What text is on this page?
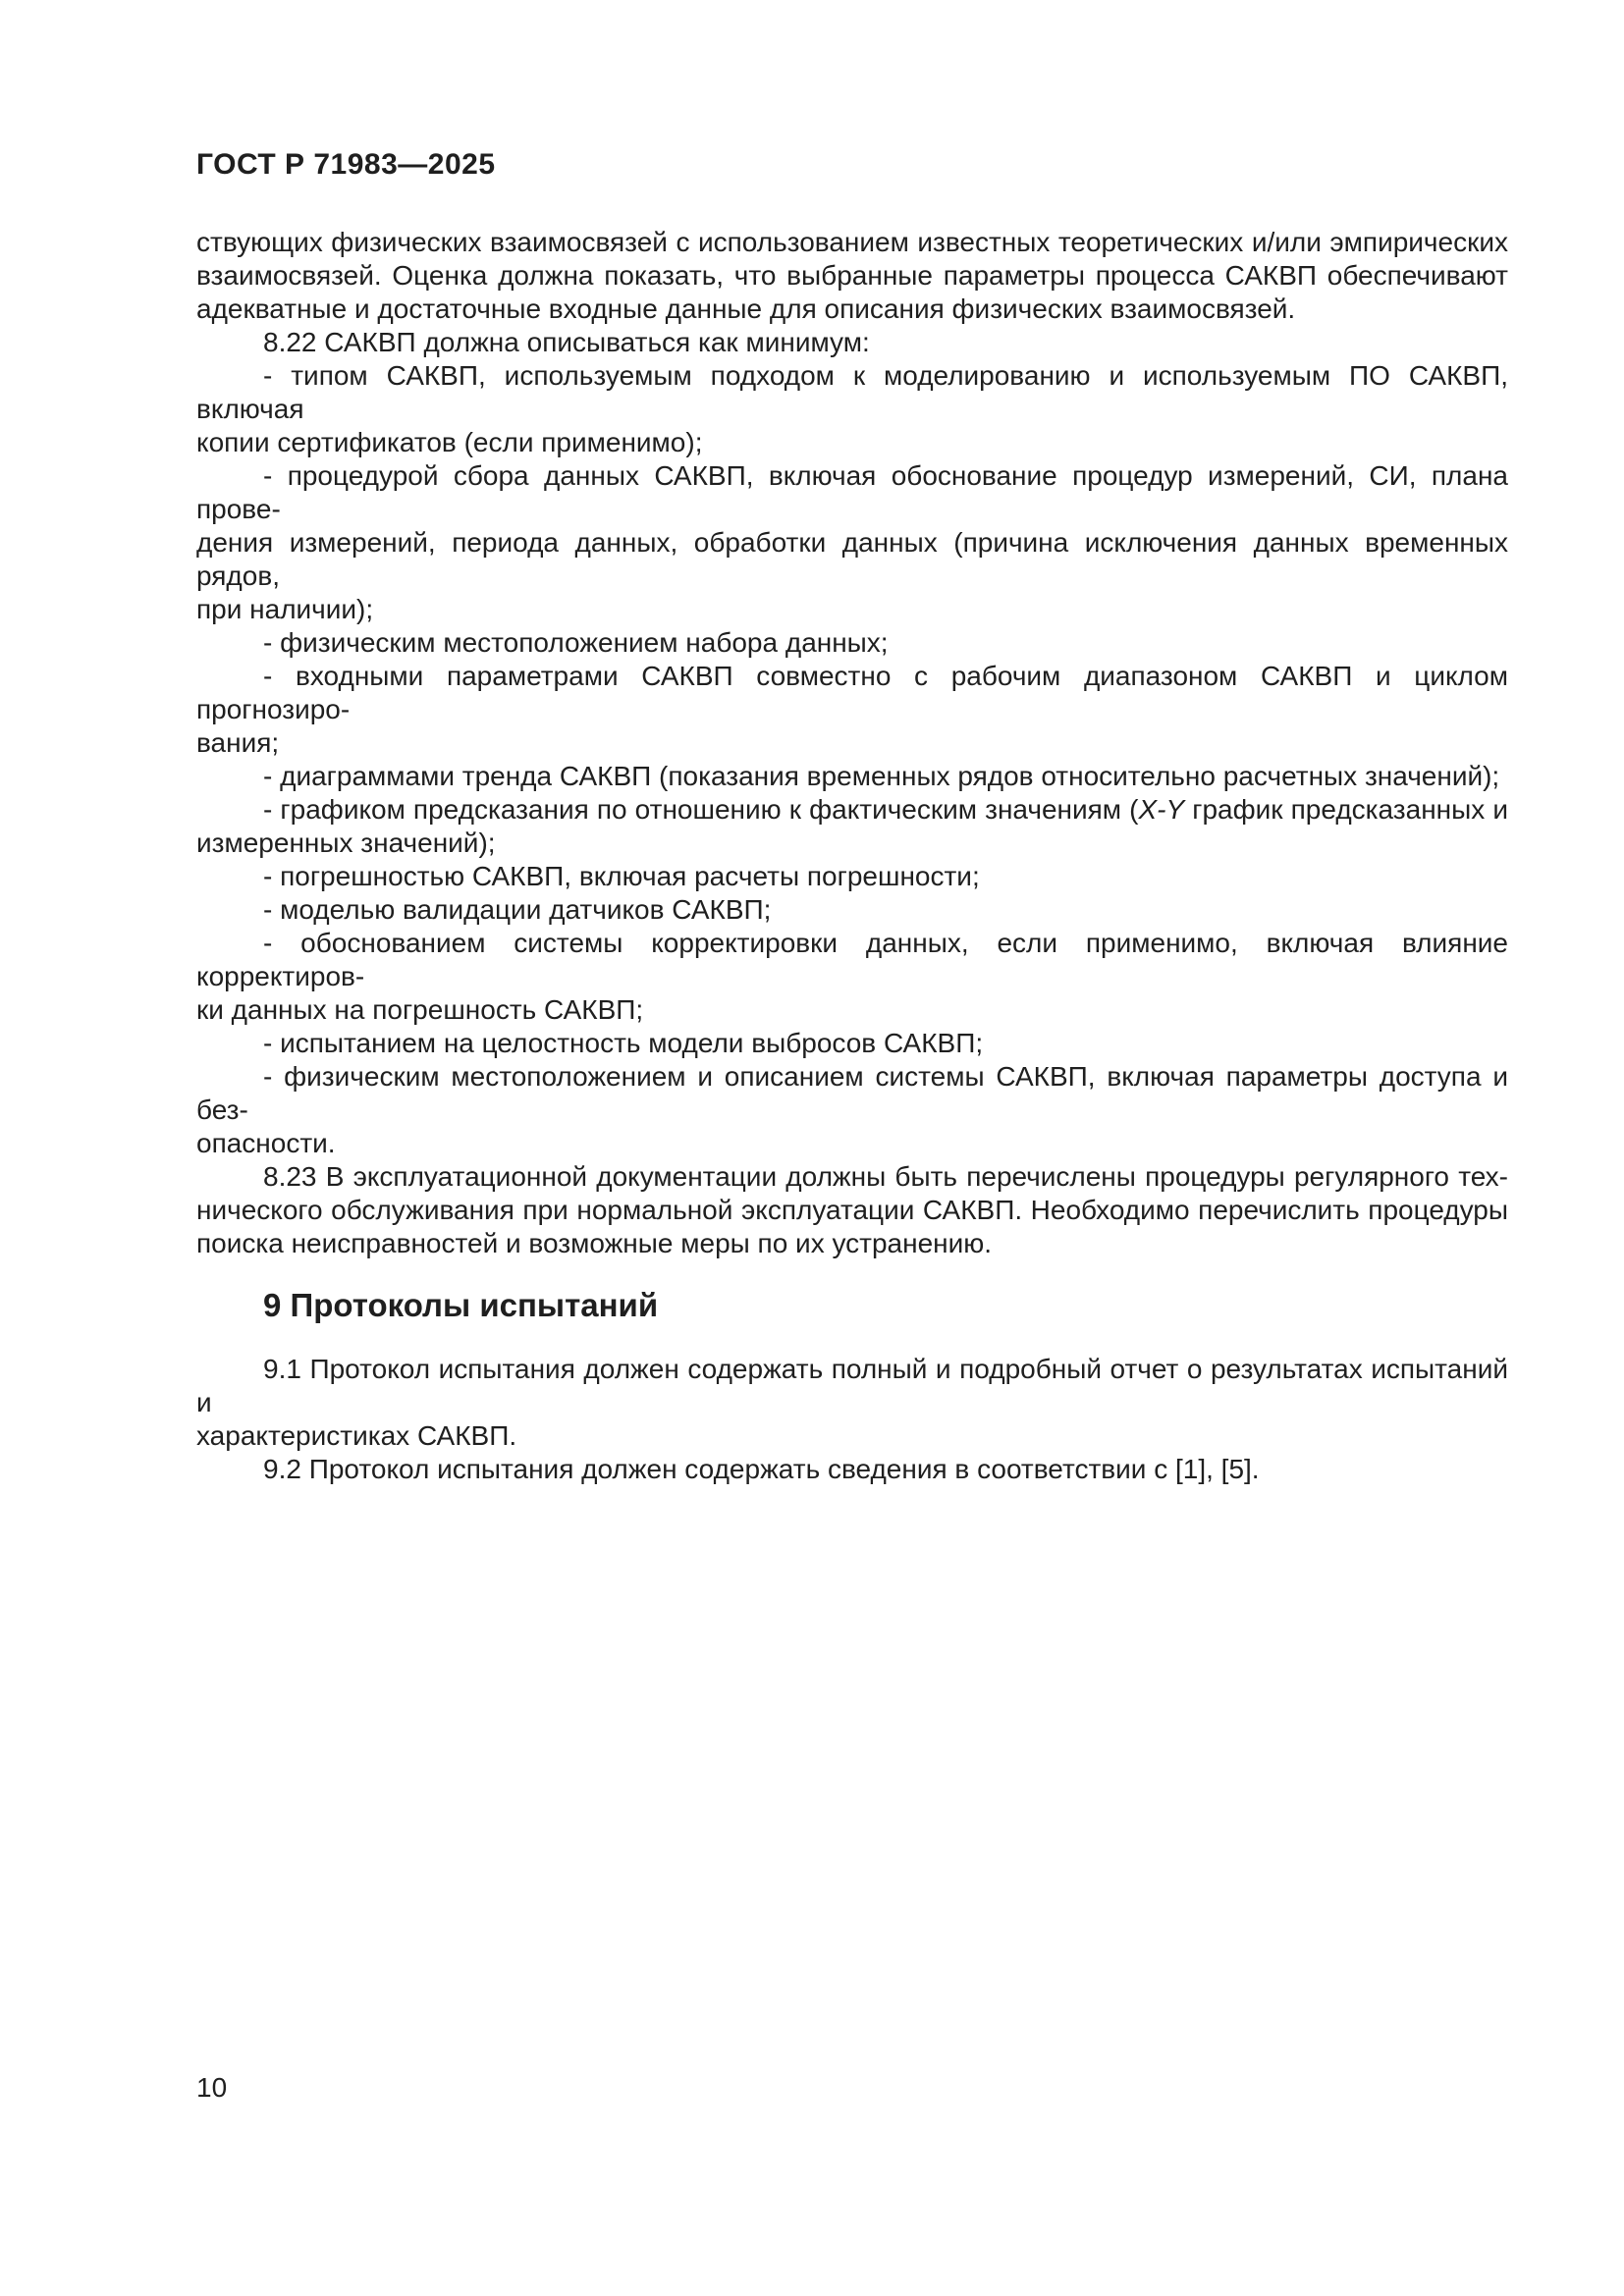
ГОСТ Р 71983—2025
ствующих физических взаимосвязей с использованием известных теоретических и/или эмпирических
взаимосвязей. Оценка должна показать, что выбранные параметры процесса САКВП обеспечивают
адекватные и достаточные входные данные для описания физических взаимосвязей.
8.22 САКВП должна описываться как минимум:
- типом САКВП, используемым подходом к моделированию и используемым ПО САКВП, включая
копии сертификатов (если применимо);
- процедурой сбора данных САКВП, включая обоснование процедур измерений, СИ, плана прове-
дения измерений, периода данных, обработки данных (причина исключения данных временных рядов,
при наличии);
- физическим местоположением набора данных;
- входными параметрами САКВП совместно с рабочим диапазоном САКВП и циклом прогнозиро-
вания;
- диаграммами тренда САКВП (показания временных рядов относительно расчетных значений);
- графиком предсказания по отношению к фактическим значениям (X-Y график предсказанных и
измеренных значений);
- погрешностью САКВП, включая расчеты погрешности;
- моделью валидации датчиков САКВП;
- обоснованием системы корректировки данных, если применимо, включая влияние корректиров-
ки данных на погрешность САКВП;
- испытанием на целостность модели выбросов САКВП;
- физическим местоположением и описанием системы САКВП, включая параметры доступа и без-
опасности.
8.23 В эксплуатационной документации должны быть перечислены процедуры регулярного тех-
нического обслуживания при нормальной эксплуатации САКВП. Необходимо перечислить процедуры
поиска неисправностей и возможные меры по их устранению.
9 Протоколы испытаний
9.1 Протокол испытания должен содержать полный и подробный отчет о результатах испытаний и
характеристиках САКВП.
9.2 Протокол испытания должен содержать сведения в соответствии с [1], [5].
10
